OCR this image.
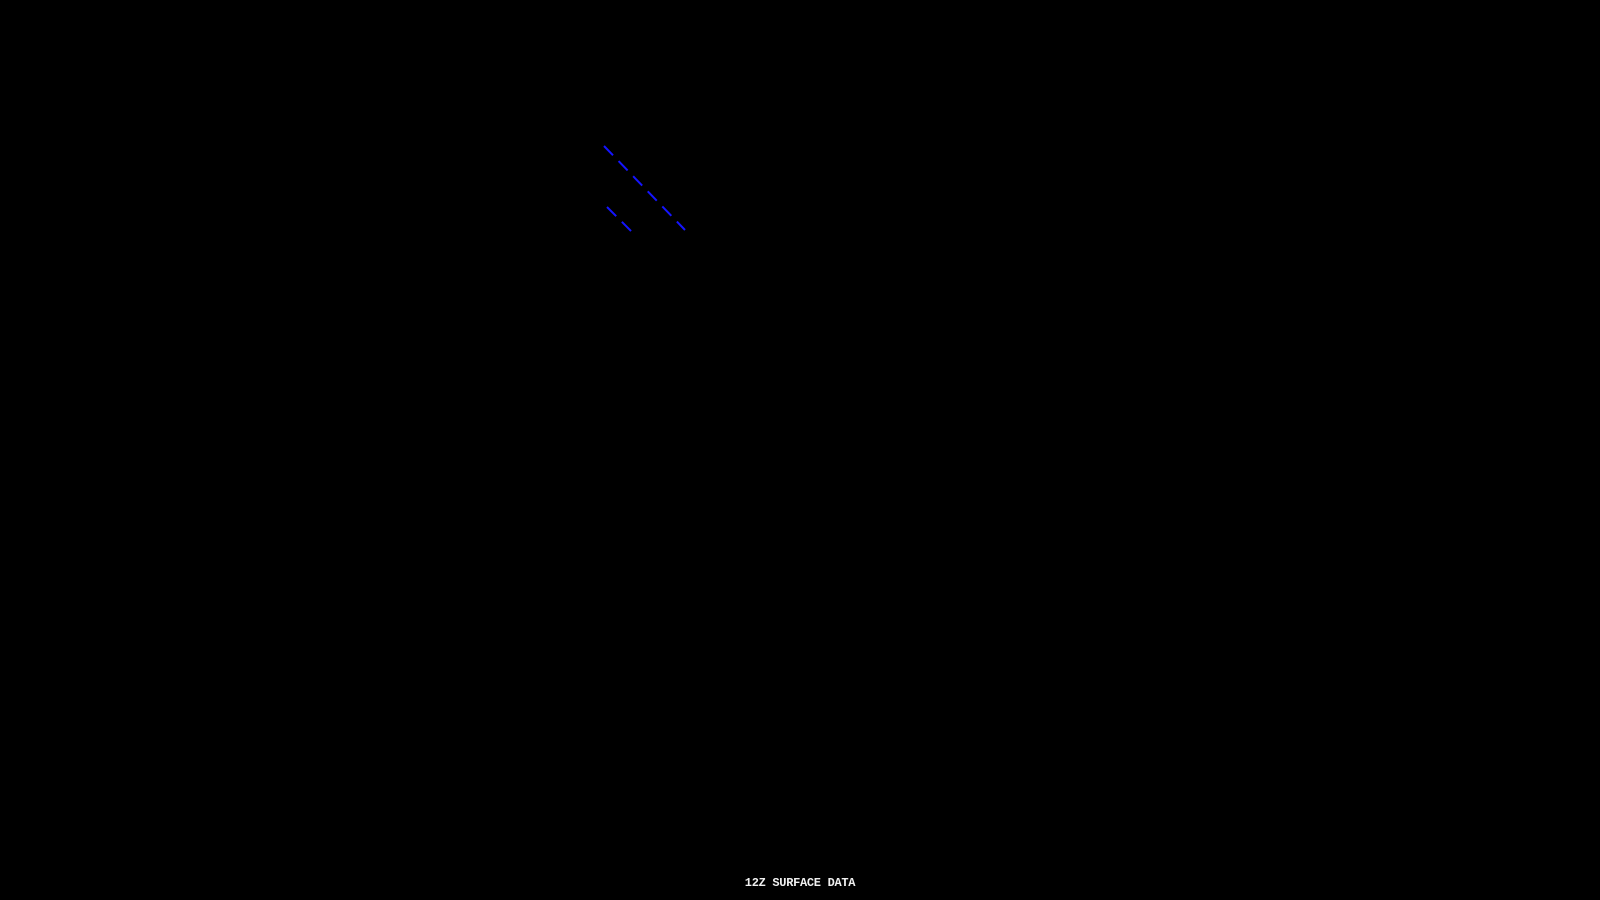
12Z SURFACE DATA
